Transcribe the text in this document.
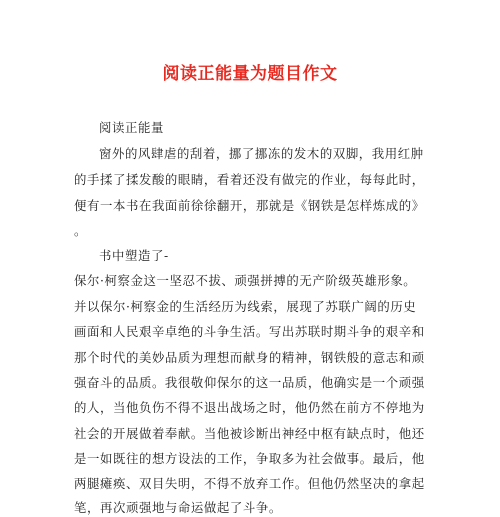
阅读正能量为题目作文
阅读正能量
窗外的风肆虐的刮着，挪了挪冻的发木的双脚，我用红肿
的手揉了揉发酸的眼睛，看着还没有做完的作业，每每此时，
便有一本书在我面前徐徐翻开，那就是《钢铁是怎样炼成的》
。
书中塑造了-
保尔·柯察金这一坚忍不拔、顽强拼搏的无产阶级英雄形象。
并以保尔·柯察金的生活经历为线索，展现了苏联广阔的历史
画面和人民艰辛卓绝的斗争生活。写出苏联时期斗争的艰辛和
那个时代的美妙品质为理想而献身的精神，钢铁般的意志和顽
强奋斗的品质。我很敬仰保尔的这一品质，他确实是一个顽强
的人，当他负伤不得不退出战场之时，他仍然在前方不停地为
社会的开展做着奉献。当他被诊断出神经中枢有缺点时，他还
是一如既往的想方设法的工作，争取多为社会做事。最后，他
两腿瘫痪、双目失明，不得不放弃工作。但他仍然坚决的拿起
笔，再次顽强地与命运做起了斗争。
